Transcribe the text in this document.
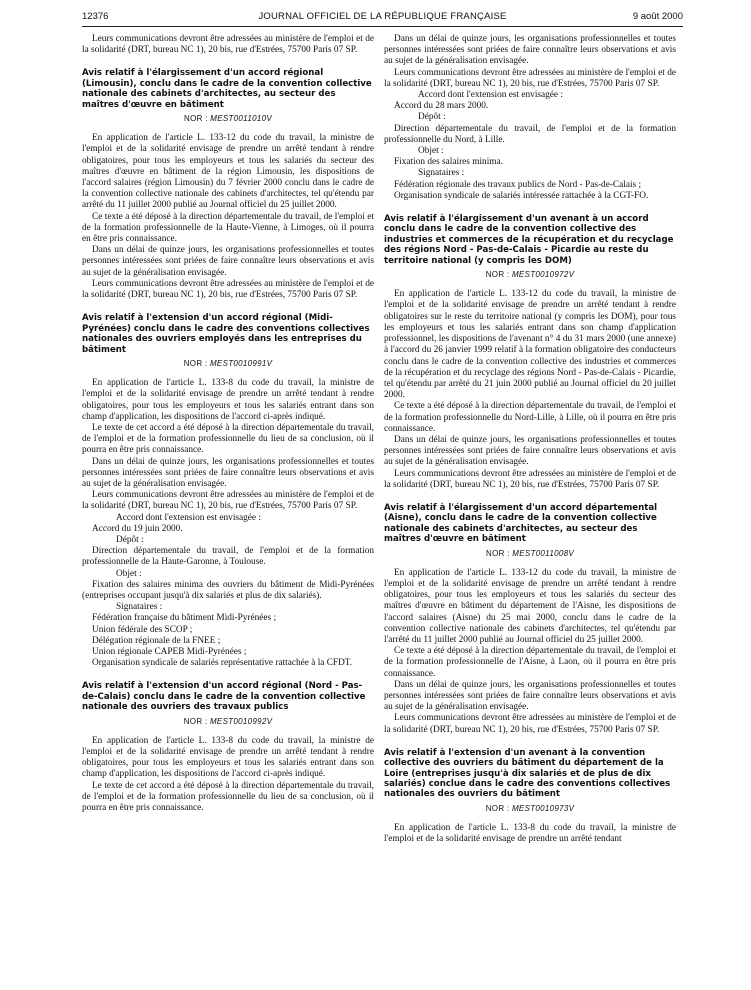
12376	JOURNAL OFFICIEL DE LA RÉPUBLIQUE FRANÇAISE	9 août 2000

Leurs communications devront être adressées au ministère de l'emploi et de la solidarité (DRT, bureau NC 1), 20 bis, rue d'Estrées, 75700 Paris 07 SP.

Avis relatif à l'élargissement d'un accord régional (Limousin), conclu dans le cadre de la convention collective nationale des cabinets d'architectes, au secteur des maîtres d'œuvre en bâtiment
NOR : MEST0011010V

En application de l'article L. 133-12 du code du travail, la ministre de l'emploi et de la solidarité envisage de prendre un arrêté tendant à rendre obligatoires, pour tous les employeurs et tous les salariés du secteur des maîtres d'œuvre en bâtiment de la région Limousin, les dispositions de l'accord salaires (région Limousin) du 7 février 2000 conclu dans le cadre de la convention collective nationale des cabinets d'architectes, tel qu'étendu par arrêté du 11 juillet 2000 publié au Journal officiel du 25 juillet 2000.

Ce texte a été déposé à la direction départementale du travail, de l'emploi et de la formation professionnelle de la Haute-Vienne, à Limoges, où il pourra en être pris connaissance.

Dans un délai de quinze jours, les organisations professionnelles et toutes personnes intéressées sont priées de faire connaître leurs observations et avis au sujet de la généralisation envisagée.

Leurs communications devront être adressées au ministère de l'emploi et de la solidarité (DRT, bureau NC 1), 20 bis, rue d'Estrées, 75700 Paris 07 SP.

Avis relatif à l'extension d'un accord régional (Midi-Pyrénées) conclu dans le cadre des conventions collectives nationales des ouvriers employés dans les entreprises du bâtiment
NOR : MEST0010991V

En application de l'article L. 133-8 du code du travail, la ministre de l'emploi et de la solidarité envisage de prendre un arrêté tendant à rendre obligatoires, pour tous les employeurs et tous les salariés entrant dans son champ d'application, les dispositions de l'accord ci-après indiqué.

Le texte de cet accord a été déposé à la direction départementale du travail, de l'emploi et de la formation professionnelle du lieu de sa conclusion, où il pourra en être pris connaissance.

Dans un délai de quinze jours, les organisations professionnelles et toutes personnes intéressées sont priées de faire connaître leurs observations et avis au sujet de la généralisation envisagée.

Leurs communications devront être adressées au ministère de l'emploi et de la solidarité (DRT, bureau NC 1), 20 bis, rue d'Estrées, 75700 Paris 07 SP.

Accord dont l'extension est envisagée :

Accord du 19 juin 2000.

Dépôt :

Direction départementale du travail, de l'emploi et de la formation professionnelle de la Haute-Garonne, à Toulouse.

Objet :

Fixation des salaires minima des ouvriers du bâtiment de Midi-Pyrénées (entreprises occupant jusqu'à dix salariés et plus de dix salariés).

Signataires :

Fédération française du bâtiment Midi-Pyrénées ;

Union fédérale des SCOP ;

Délégation régionale de la FNEE ;

Union régionale CAPEB Midi-Pyrénées ;

Organisation syndicale de salariés représentative rattachée à la CFDT.

Avis relatif à l'extension d'un accord régional (Nord - Pas-de-Calais) conclu dans le cadre de la convention collective nationale des ouvriers des travaux publics
NOR : MEST0010992V

En application de l'article L. 133-8 du code du travail, la ministre de l'emploi et de la solidarité envisage de prendre un arrêté tendant à rendre obligatoires, pour tous les employeurs et tous les salariés entrant dans son champ d'application, les dispositions de l'accord ci-après indiqué.

Le texte de cet accord a été déposé à la direction départementale du travail, de l'emploi et de la formation professionnelle du lieu de sa conclusion, où il pourra en être pris connaissance.

Dans un délai de quinze jours, les organisations professionnelles et toutes personnes intéressées sont priées de faire connaître leurs observations et avis au sujet de la généralisation envisagée.

Leurs communications devront être adressées au ministère de l'emploi et de la solidarité (DRT, bureau NC 1), 20 bis, rue d'Estrées, 75700 Paris 07 SP.

Accord dont l'extension est envisagée :

Accord du 28 mars 2000.

Dépôt :

Direction départementale du travail, de l'emploi et de la formation professionnelle du Nord, à Lille.

Objet :

Fixation des salaires minima.

Signataires :

Fédération régionale des travaux publics de Nord - Pas-de-Calais ;

Organisation syndicale de salariés intéressée rattachée à la CGT-FO.

Avis relatif à l'élargissement d'un avenant à un accord conclu dans le cadre de la convention collective des industries et commerces de la récupération et du recyclage des régions Nord - Pas-de-Calais - Picardie au reste du territoire national (y compris les DOM)
NOR : MEST0010972V

En application de l'article L. 133-12 du code du travail, la ministre de l'emploi et de la solidarité envisage de prendre un arrêté tendant à rendre obligatoires sur le reste du territoire national (y compris les DOM), pour tous les employeurs et tous les salariés entrant dans son champ d'application professionnel, les dispositions de l'avenant n° 4 du 31 mars 2000 (une annexe) à l'accord du 26 janvier 1999 relatif à la formation obligatoire des conducteurs conclu dans le cadre de la convention collective des industries et commerces de la récupération et du recyclage des régions Nord - Pas-de-Calais - Picardie, tel qu'étendu par arrêté du 21 juin 2000 publié au Journal officiel du 20 juillet 2000.

Ce texte a été déposé à la direction départementale du travail, de l'emploi et de la formation professionnelle du Nord-Lille, à Lille, où il pourra en être pris connaissance.

Dans un délai de quinze jours, les organisations professionnelles et toutes personnes intéressées sont priées de faire connaître leurs observations et avis au sujet de la généralisation envisagée.

Leurs communications devront être adressées au ministère de l'emploi et de la solidarité (DRT, bureau NC 1), 20 bis, rue d'Estrées, 75700 Paris 07 SP.

Avis relatif à l'élargissement d'un accord départemental (Aisne), conclu dans le cadre de la convention collective nationale des cabinets d'architectes, au secteur des maîtres d'œuvre en bâtiment
NOR : MEST0011008V

En application de l'article L. 133-12 du code du travail, la ministre de l'emploi et de la solidarité envisage de prendre un arrêté tendant à rendre obligatoires, pour tous les employeurs et tous les salariés du secteur des maîtres d'œuvre en bâtiment du département de l'Aisne, les dispositions de l'accord salaires (Aisne) du 25 mai 2000, conclu dans le cadre de la convention collective nationale des cabinets d'architectes, tel qu'étendu par l'arrêté du 11 juillet 2000 publié au Journal officiel du 25 juillet 2000.

Ce texte a été déposé à la direction départementale du travail, de l'emploi et de la formation professionnelle de l'Aisne, à Laon, où il pourra en être pris connaissance.

Dans un délai de quinze jours, les organisations professionnelles et toutes personnes intéressées sont priées de faire connaître leurs observations et avis au sujet de la généralisation envisagée.

Leurs communications devront être adressées au ministère de l'emploi et de la solidarité (DRT, bureau NC 1), 20 bis, rue d'Estrées, 75700 Paris 07 SP.

Avis relatif à l'extension d'un avenant à la convention collective des ouvriers du bâtiment du département de la Loire (entreprises jusqu'à dix salariés et de plus de dix salariés) conclue dans le cadre des conventions collectives nationales des ouvriers du bâtiment
NOR : MEST0010973V

En application de l'article L. 133-8 du code du travail, la ministre de l'emploi et de la solidarité envisage de prendre un arrêté tendant
